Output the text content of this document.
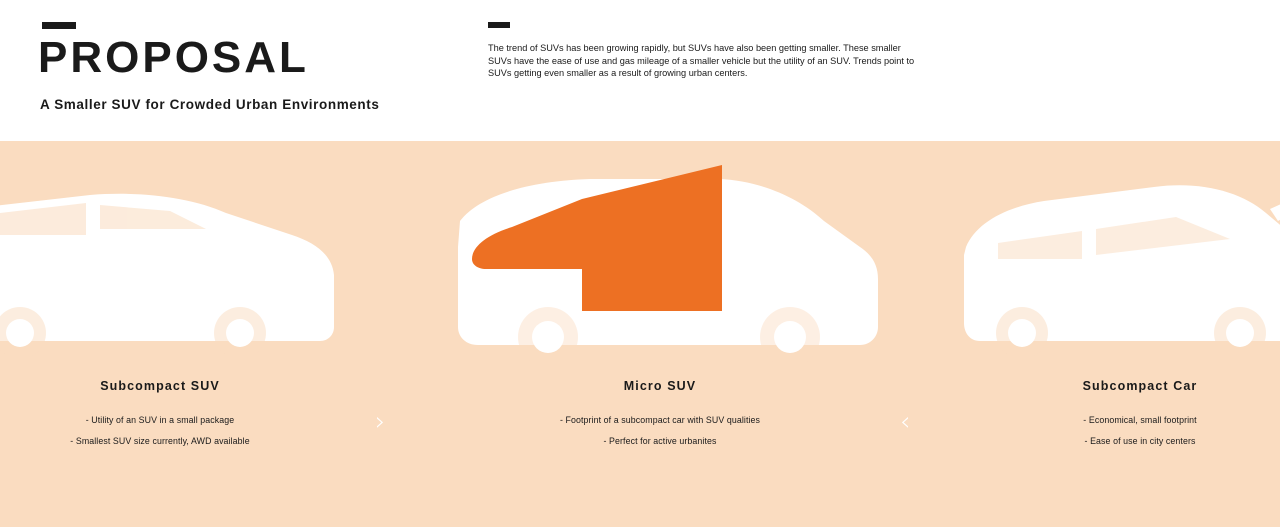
PROPOSAL

A Smaller SUV for Crowded Urban Environments

The trend of SUVs has been growing rapidly, but SUVs have also been getting smaller. These smaller SUVs have the ease of use and gas mileage of a smaller vehicle but the utility of an SUV. Trends point to SUVs getting even smaller as a result of growing urban centers.

Subcompact SUV

- Utility of an SUV in a small package

- Smallest SUV size currently, AWD available

Micro SUV

- Footprint of a subcompact car with SUV qualities

- Perfect for active urbanites

Subcompact Car

- Economical, small footprint

- Ease of use in city centers

›	‹
